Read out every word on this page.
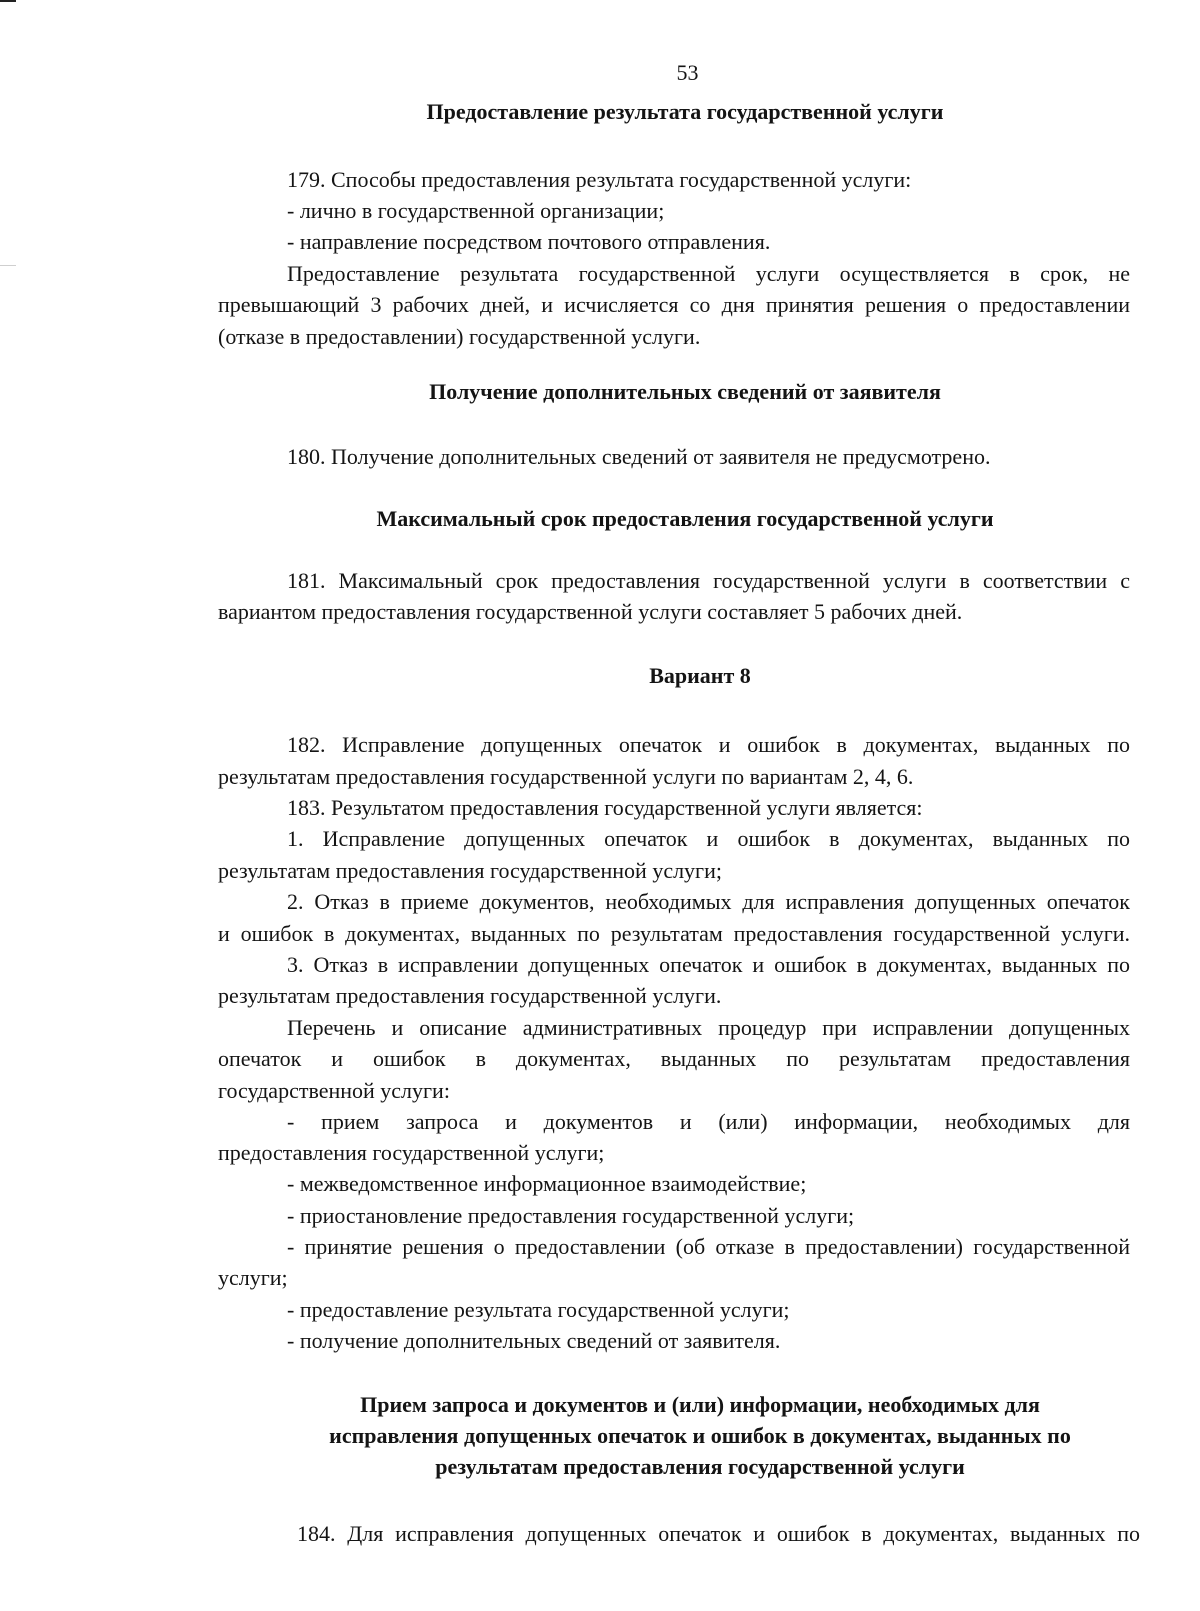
53
Предоставление результата государственной услуги
179. Способы предоставления результата государственной услуги:
- лично в государственной организации;
- направление посредством почтового отправления.
Предоставление результата государственной услуги осуществляется в срок, не
превышающий 3 рабочих дней, и исчисляется со дня принятия решения о предоставлении
(отказе в предоставлении) государственной услуги.
Получение дополнительных сведений от заявителя
180. Получение дополнительных сведений от заявителя не предусмотрено.
Максимальный срок предоставления государственной услуги
181. Максимальный срок предоставления государственной услуги в соответствии с
вариантом предоставления государственной услуги составляет 5 рабочих дней.
Вариант 8
182. Исправление допущенных опечаток и ошибок в документах, выданных по
результатам предоставления государственной услуги по вариантам 2, 4, 6.
183. Результатом предоставления государственной услуги является:
1. Исправление допущенных опечаток и ошибок в документах, выданных по
результатам предоставления государственной услуги;
2. Отказ в приеме документов, необходимых для исправления допущенных опечаток
и ошибок в документах, выданных по результатам предоставления государственной услуги.
3. Отказ в исправлении допущенных опечаток и ошибок в документах, выданных по
результатам предоставления государственной услуги.
Перечень и описание административных процедур при исправлении допущенных
опечаток и ошибок в документах, выданных по результатам предоставления
государственной услуги:
- прием запроса и документов и (или) информации, необходимых для
предоставления государственной услуги;
- межведомственное информационное взаимодействие;
- приостановление предоставления государственной услуги;
- принятие решения о предоставлении (об отказе в предоставлении) государственной
услуги;
- предоставление результата государственной услуги;
- получение дополнительных сведений от заявителя.
Прием запроса и документов и (или) информации, необходимых для
исправления допущенных опечаток и ошибок в документах, выданных по
результатам предоставления государственной услуги
184. Для исправления допущенных опечаток и ошибок в документах, выданных по
